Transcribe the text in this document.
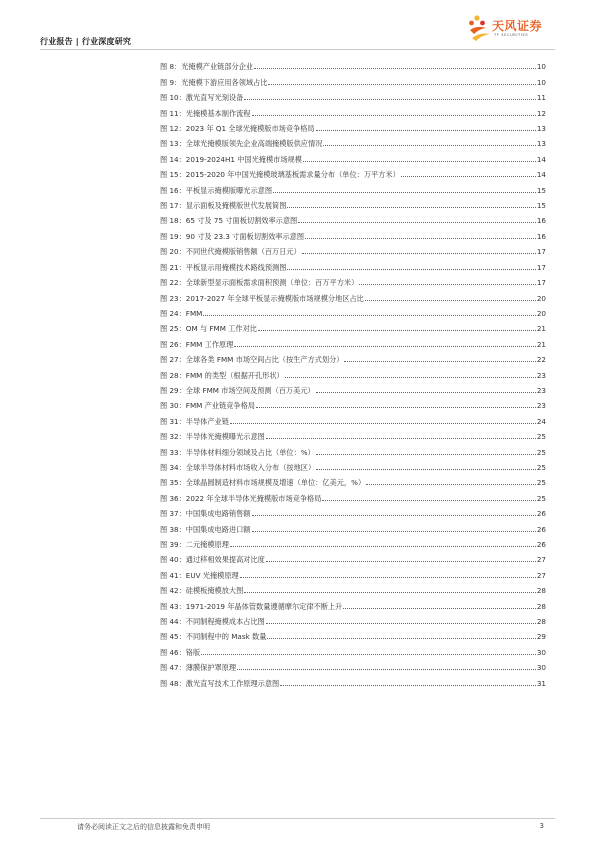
行业报告 | 行业深度研究
天风证券
TF SECURITIES
图 8：光掩模产业链部分企业	10
图 9：光掩模下游应用各领域占比	10
图 10：激光直写光刻设备	11
图 11：光掩模基本制作流程	12
图 12：2023 年 Q1 全球光掩模版市场竞争格局	13
图 13：全球光掩模版领先企业高端掩模版供应情况	13
图 14：2019-2024H1 中国光掩模市场规模	14
图 15：2015-2020 年中国光掩模玻璃基板需求量分布（单位：万平方米）	14
图 16：平板显示掩模版曝光示意图	15
图 17：显示面板及掩模版世代发展简图	15
图 18：65 寸及 75 寸面板切割效率示意图	16
图 19：90 寸及 23.3 寸面板切割效率示意图	16
图 20：不同世代掩模版销售额（百万日元）	17
图 21：平板显示用掩模技术路线预测图	17
图 22：全球新型显示面板需求面积预测（单位：百万平方米）	17
图 23：2017-2027 年全球平板显示掩模版市场规模分地区占比	20
图 24：FMM	20
图 25：OM 与 FMM 工作对比	21
图 26：FMM 工作原理	21
图 27：全球各类 FMM 市场空间占比（按生产方式划分）	22
图 28：FMM 的类型（根据开孔形状）	23
图 29：全球 FMM 市场空间及预测（百万美元）	23
图 30：FMM 产业链竞争格局	23
图 31：半导体产业链	24
图 32：半导体光掩模曝光示意图	25
图 33：半导体材料细分领域及占比（单位：%）	25
图 34：全球半导体材料市场收入分布（按地区）	25
图 35：全球晶圆制造材料市场规模及增速（单位：亿美元，%）	25
图 36：2022 年全球半导体光掩模版市场竞争格局	25
图 37：中国集成电路销售额	26
图 38：中国集成电路进口额	26
图 39：二元掩模原理	26
图 40：通过移相效果提高对比度	27
图 41：EUV 光掩模原理	27
图 42：硅模板掩模放大图	28
图 43：1971-2019 年晶体管数量遵循摩尔定律不断上升	28
图 44：不同制程掩模成本占比图	28
图 45：不同制程中的 Mask 数量	29
图 46：铬版	30
图 47：薄膜保护罩原理	30
图 48：激光直写技术工作原理示意图	31
请务必阅读正文之后的信息披露和免责申明	3
